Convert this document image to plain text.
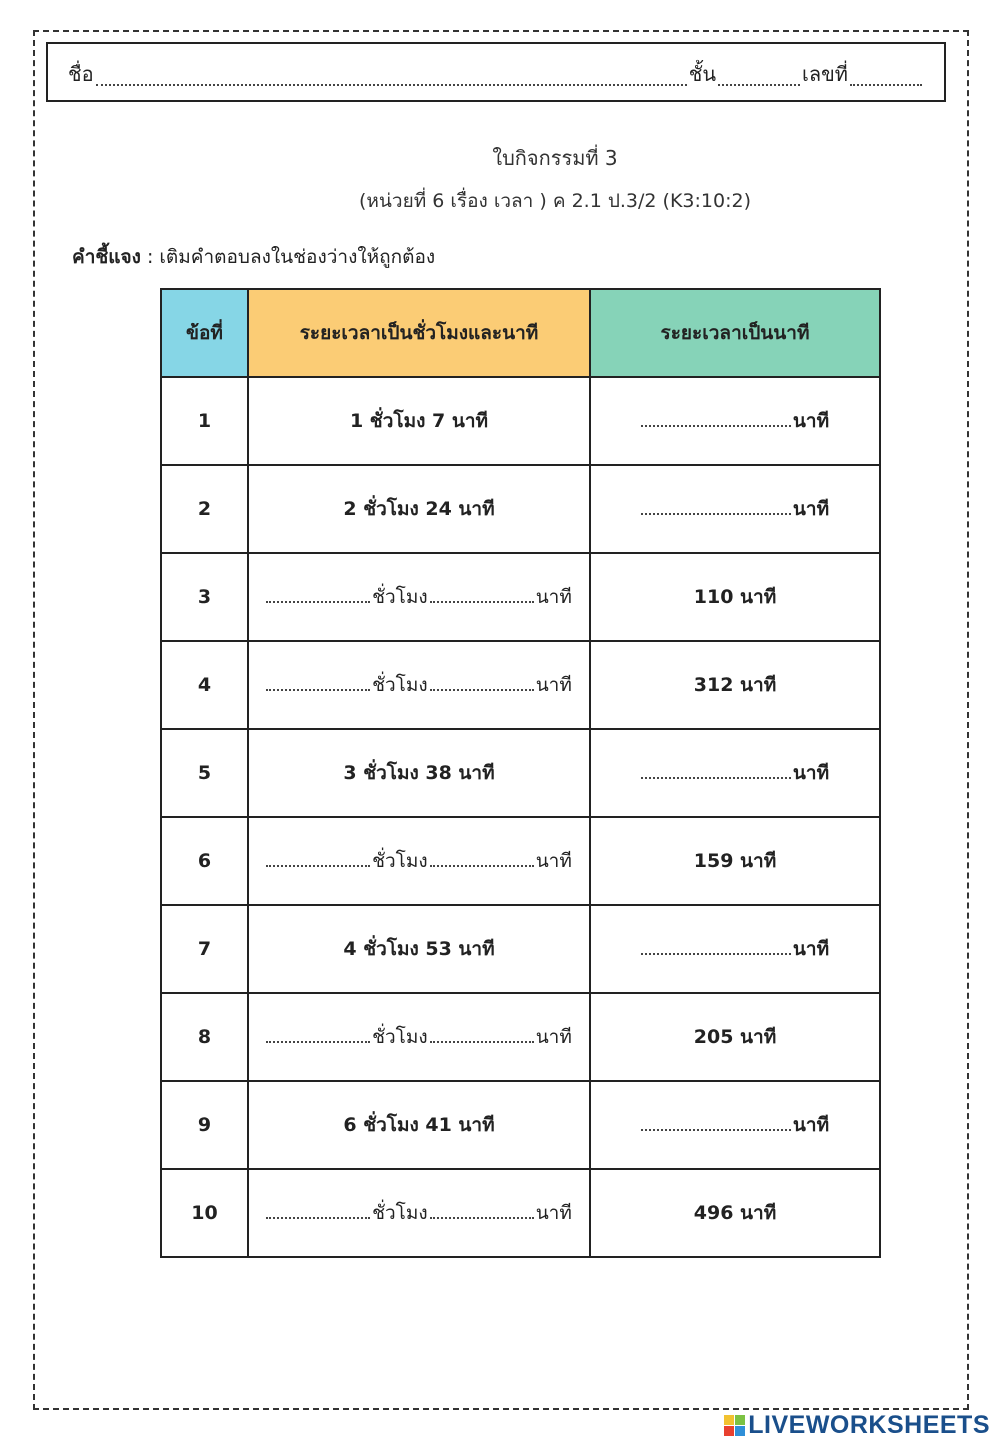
ชื่อ	ชั้น	เลขที่
ใบกิจกรรมที่ 3
(หน่วยที่ 6 เรื่อง เวลา ) ค 2.1 ป.3/2 (K3:10:2)
คำชี้แจง : เติมคำตอบลงในช่องว่างให้ถูกต้อง
ข้อที่	ระยะเวลาเป็นชั่วโมงและนาที	ระยะเวลาเป็นนาที
1	1 ชั่วโมง 7 นาที	นาที
2	2 ชั่วโมง 24 นาที	นาที
3	ชั่วโมง นาที	110 นาที
4	ชั่วโมง นาที	312 นาที
5	3 ชั่วโมง 38 นาที	นาที
6	ชั่วโมง นาที	159 นาที
7	4 ชั่วโมง 53 นาที	นาที
8	ชั่วโมง นาที	205 นาที
9	6 ชั่วโมง 41 นาที	นาที
10	ชั่วโมง นาที	496 นาที
LIVEWORKSHEETS
